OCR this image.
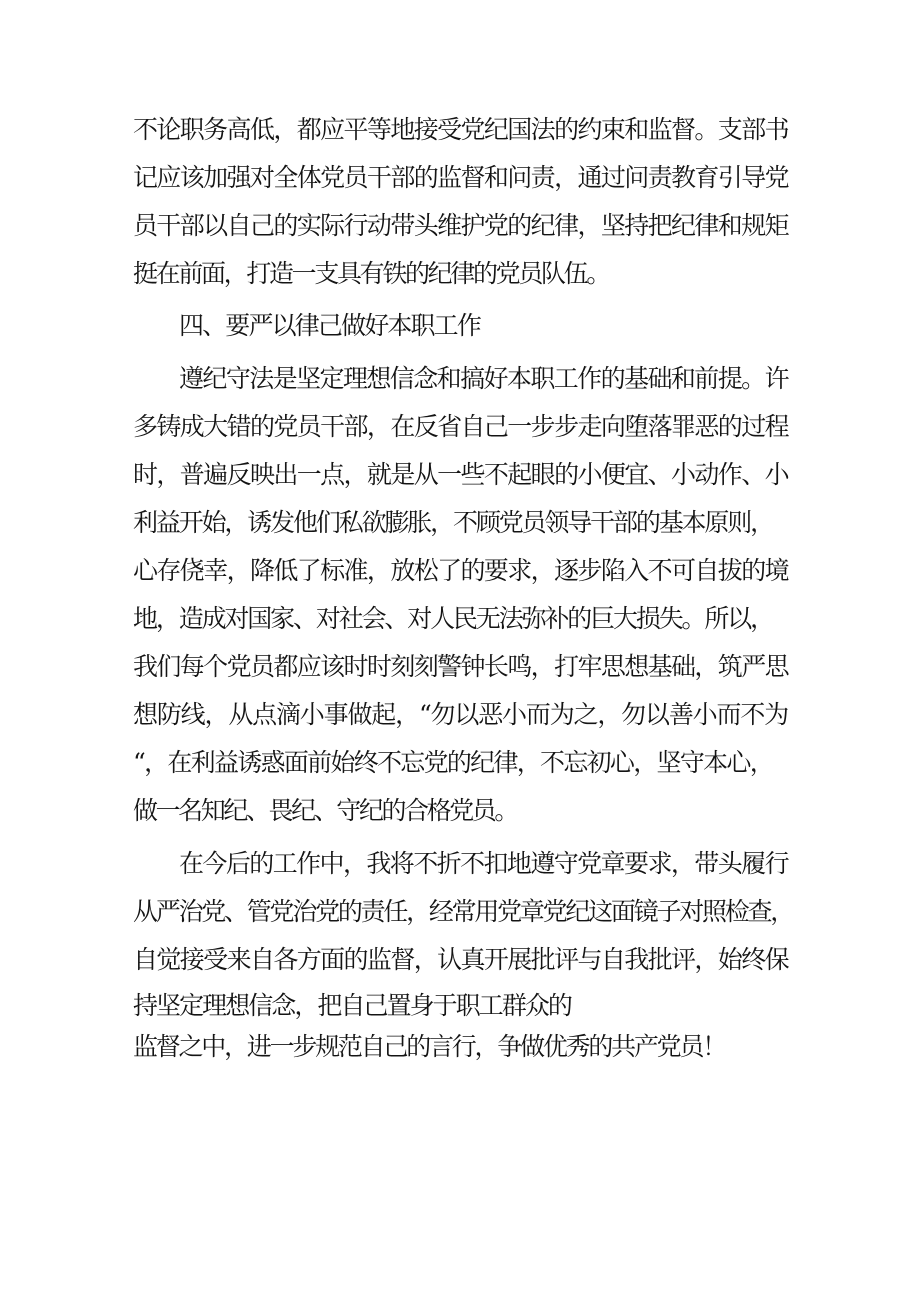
不论职务高低，都应平等地接受党纪国法的约束和监督。支部书
记应该加强对全体党员干部的监督和问责，通过问责教育引导党
员干部以自己的实际行动带头维护党的纪律，坚持把纪律和规矩
挺在前面，打造一支具有铁的纪律的党员队伍。
四、要严以律己做好本职工作
遵纪守法是坚定理想信念和搞好本职工作的基础和前提。许
多铸成大错的党员干部，在反省自己一步步走向堕落罪恶的过程
时，普遍反映出一点，就是从一些不起眼的小便宜、小动作、小
利益开始，诱发他们私欲膨胀，不顾党员领导干部的基本原则，
心存侥幸，降低了标准，放松了的要求，逐步陷入不可自拔的境
地，造成对国家、对社会、对人民无法弥补的巨大损失。所以，
我们每个党员都应该时时刻刻警钟长鸣，打牢思想基础，筑严思
想防线，从点滴小事做起，“勿以恶小而为之，勿以善小而不为
“，在利益诱惑面前始终不忘党的纪律，不忘初心，坚守本心，
做一名知纪、畏纪、守纪的合格党员。
在今后的工作中，我将不折不扣地遵守党章要求，带头履行
从严治党、管党治党的责任，经常用党章党纪这面镜子对照检查，
自觉接受来自各方面的监督，认真开展批评与自我批评，始终保
持坚定理想信念，把自己置身于职工群众的
监督之中，进一步规范自己的言行，争做优秀的共产党员！
